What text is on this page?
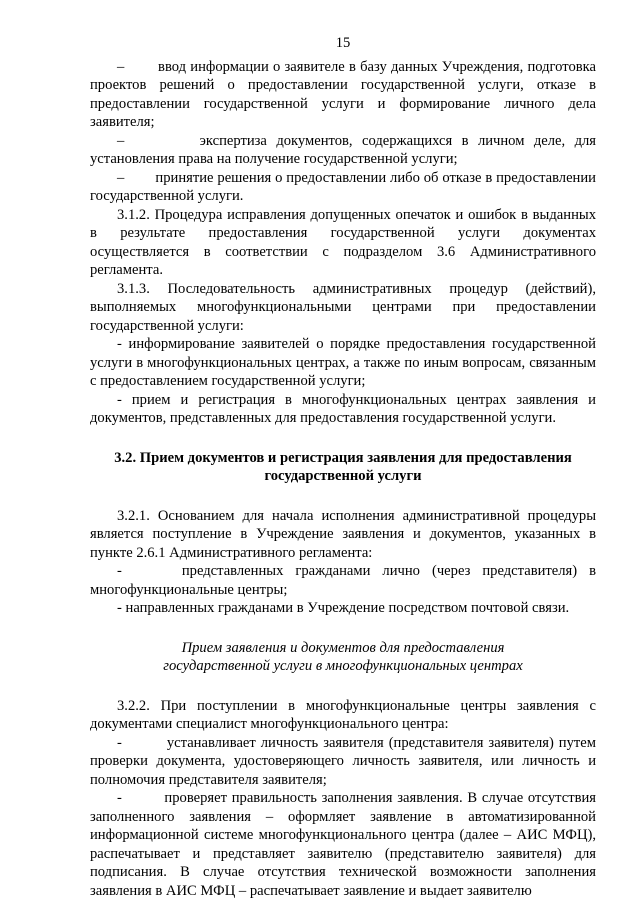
15

–        ввод информации о заявителе в базу данных Учреждения, подготовка проектов решений о предоставлении государственной услуги, отказе в предоставлении государственной услуги и формирование личного дела заявителя;

–        экспертиза документов, содержащихся в личном деле, для установления права на получение государственной услуги;

–        принятие решения о предоставлении либо об отказе в предоставлении государственной услуги.

3.1.2. Процедура исправления допущенных опечаток и ошибок в выданных в результате предоставления государственной услуги документах осуществляется в соответствии с подразделом 3.6 Административного регламента.

3.1.3. Последовательность административных процедур (действий), выполняемых многофункциональными центрами при предоставлении государственной услуги:

- информирование заявителей о порядке предоставления государственной услуги в многофункциональных центрах, а также по иным вопросам, связанным с предоставлением государственной услуги;

- прием и регистрация в многофункциональных центрах заявления и документов, представленных для предоставления государственной услуги.

3.2. Прием документов и регистрация заявления для предоставления

государственной услуги

3.2.1. Основанием для начала исполнения административной процедуры является поступление в Учреждение заявления и документов, указанных в пункте 2.6.1 Административного регламента:

-     представленных гражданами лично (через представителя) в многофункциональные центры;

- направленных гражданами в Учреждение посредством почтовой связи.

Прием заявления и документов для предоставления

государственной услуги в многофункциональных центрах

3.2.2. При поступлении в многофункциональные центры заявления с документами специалист многофункционального центра:

-         устанавливает личность заявителя (представителя заявителя) путем проверки документа, удостоверяющего личность заявителя, или личность и полномочия представителя заявителя;

-         проверяет правильность заполнения заявления. В случае отсутствия заполненного заявления – оформляет заявление в автоматизированной информационной системе многофункционального центра (далее – АИС МФЦ), распечатывает и представляет заявителю (представителю заявителя) для подписания. В случае отсутствия технической возможности заполнения заявления в АИС МФЦ – распечатывает заявление и выдает заявителю
